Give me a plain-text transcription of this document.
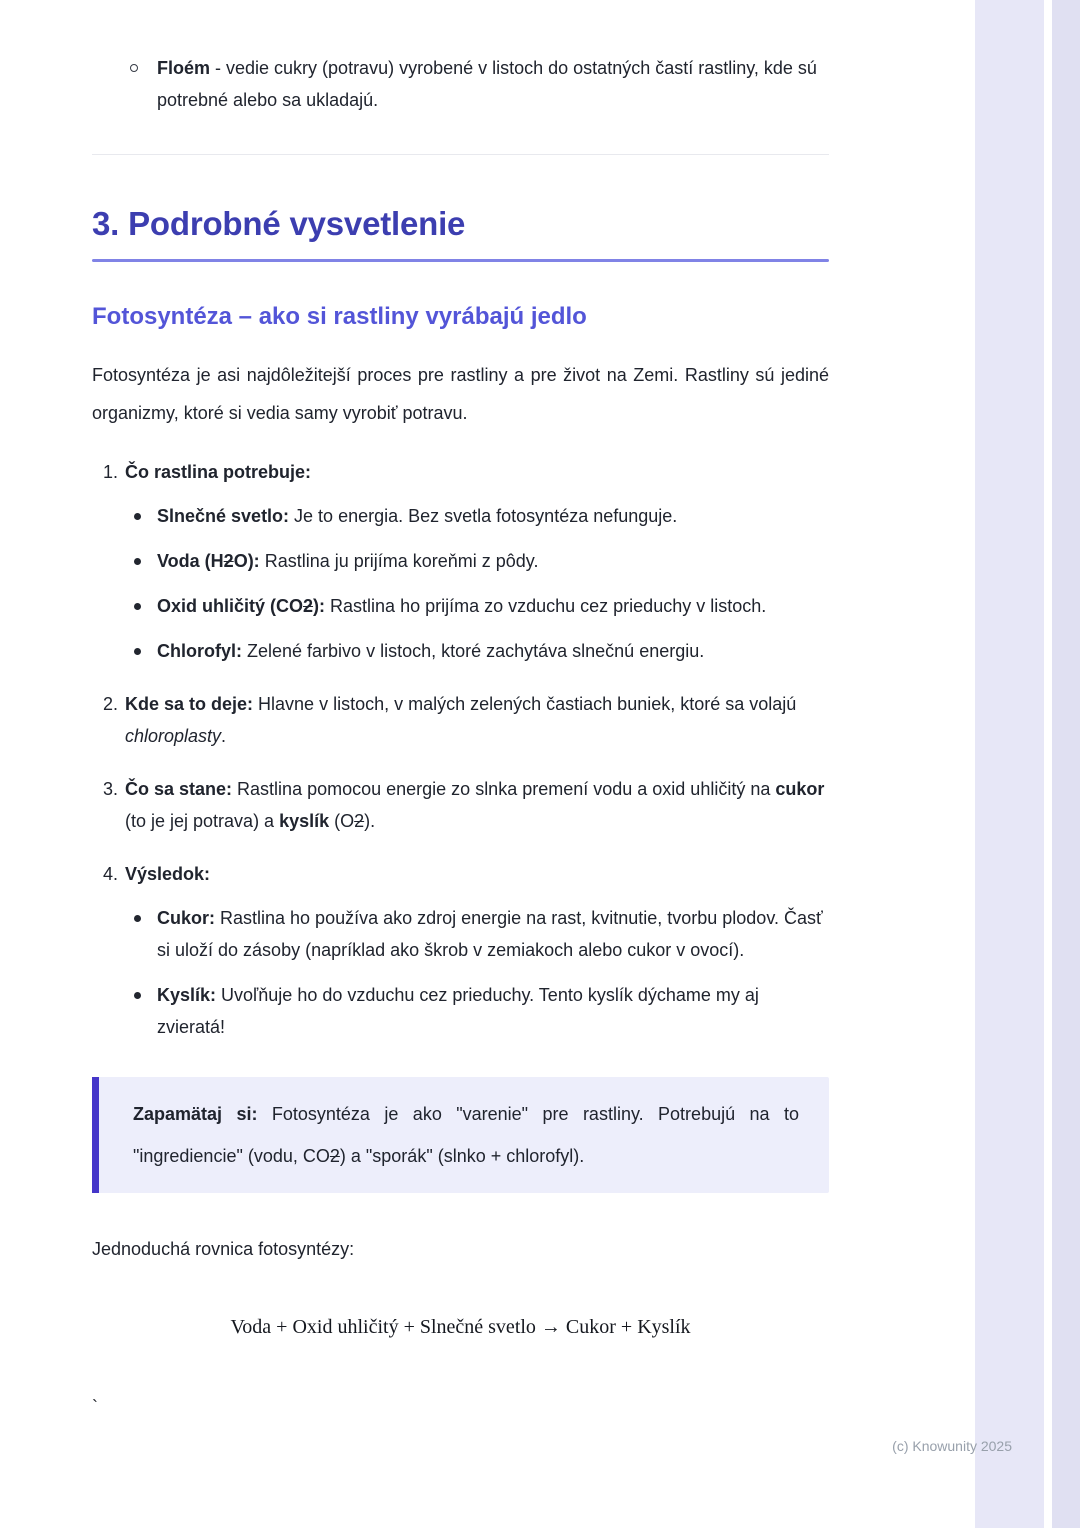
Floém - vedie cukry (potravu) vyrobené v listoch do ostatných častí rastliny, kde sú potrebné alebo sa ukladajú.
3. Podrobné vysvetlenie
Fotosyntéza – ako si rastliny vyrábajú jedlo

Fotosyntéza je asi najdôležitejší proces pre rastliny a pre život na Zemi. Rastliny sú jediné organizmy, ktoré si vedia samy vyrobiť potravu.

1. Čo rastlina potrebuje:
Slnečné svetlo: Je to energia. Bez svetla fotosyntéza nefunguje.
Voda (H2O): Rastlina ju prijíma koreňmi z pôdy.
Oxid uhličitý (CO2): Rastlina ho prijíma zo vzduchu cez prieduchy v listoch.
Chlorofyl: Zelené farbivo v listoch, ktoré zachytáva slnečnú energiu.
2. Kde sa to deje: Hlavne v listoch, v malých zelených častiach buniek, ktoré sa volajú chloroplasty.
3. Čo sa stane: Rastlina pomocou energie zo slnka premení vodu a oxid uhličitý na cukor (to je jej potrava) a kyslík (O2).
4. Výsledok:
Cukor: Rastlina ho používa ako zdroj energie na rast, kvitnutie, tvorbu plodov. Časť si uloží do zásoby (napríklad ako škrob v zemiakoch alebo cukor v ovocí).
Kyslík: Uvoľňuje ho do vzduchu cez prieduchy. Tento kyslík dýchame my aj zvieratá!
Zapamätaj si: Fotosyntéza je ako "varenie" pre rastliny. Potrebujú na to "ingrediencie" (vodu, CO2) a "sporák" (slnko + chlorofyl).

Jednoduchá rovnica fotosyntézy:

Voda + Oxid uhličitý + Slnečné svetlo → Cukor + Kyslík
`
(c) Knowunity 2025
